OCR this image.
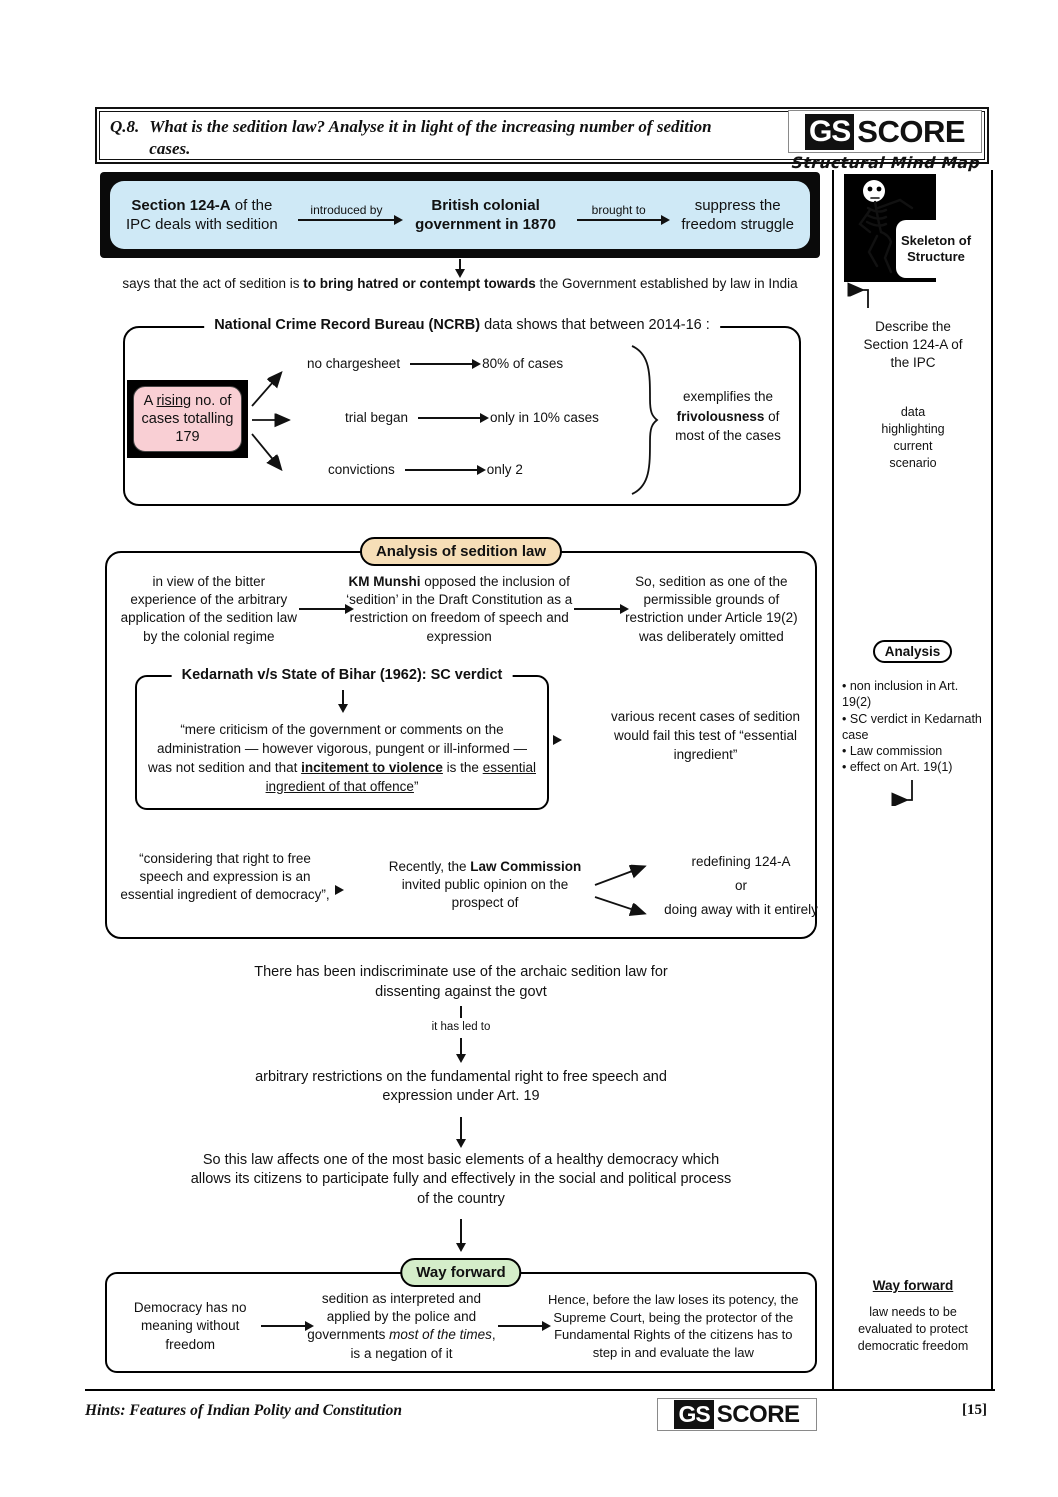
Q.8. What is the sedition law? Analyse it in light of the increasing number of sedition
cases.
GS SCORE
Structural Mind Map
Section 124-A of the
IPC deals with sedition
introduced by	British colonial
government in 1870
brought to	suppress the
freedom struggle
says that the act of sedition is to bring hatred or contempt towards the Government established by law in India
National Crime Record Bureau (NCRB) data shows that between 2014-16 :
A rising no. of
cases totalling 179
no chargesheet	80% of cases
trial began	only in 10% cases
convictions	only 2
exemplifies the
frivolousness of
most of the cases
Analysis of sedition law
in view of the bitter experience of the arbitrary application of the sedition law by the colonial regime
KM Munshi opposed the inclusion of ‘sedition’ in the Draft Constitution as a restriction on freedom of speech and expression
So, sedition as one of the permissible grounds of restriction under Article 19(2) was deliberately omitted
Kedarnath v/s State of Bihar (1962): SC verdict
“mere criticism of the government or comments on the administration — however vigorous, pungent or ill-informed — was not sedition and that incitement to violence is the essential ingredient of that offence”
various recent cases of sedition would fail this test of “essential ingredient”
“considering that right to free speech and expression is an essential ingredient of democracy”,
Recently, the Law Commission invited public opinion on the prospect of
redefining 124-A
or
doing away with it entirely
There has been indiscriminate use of the archaic sedition law for dissenting against the govt
it has led to
arbitrary restrictions on the fundamental right to free speech and expression under Art. 19
So this law affects one of the most basic elements of a healthy democracy which allows its citizens to participate fully and effectively in the social and political process of the country
Way forward
Democracy has no meaning without freedom
sedition as interpreted and applied by the police and governments most of the times, is a negation of it
Hence, before the law loses its potency, the Supreme Court, being the protector of the Fundamental Rights of the citizens has to step in and evaluate the law
Skeleton of Structure
Describe the Section 124-A of the IPC
data highlighting current scenario
Analysis
• non inclusion in Art. 19(2)
• SC verdict in Kedarnath case
• Law commission
• effect on Art. 19(1)
Way forward
law needs to be evaluated to protect democratic freedom
Hints: Features of Indian Polity and Constitution	GS SCORE	[15]
